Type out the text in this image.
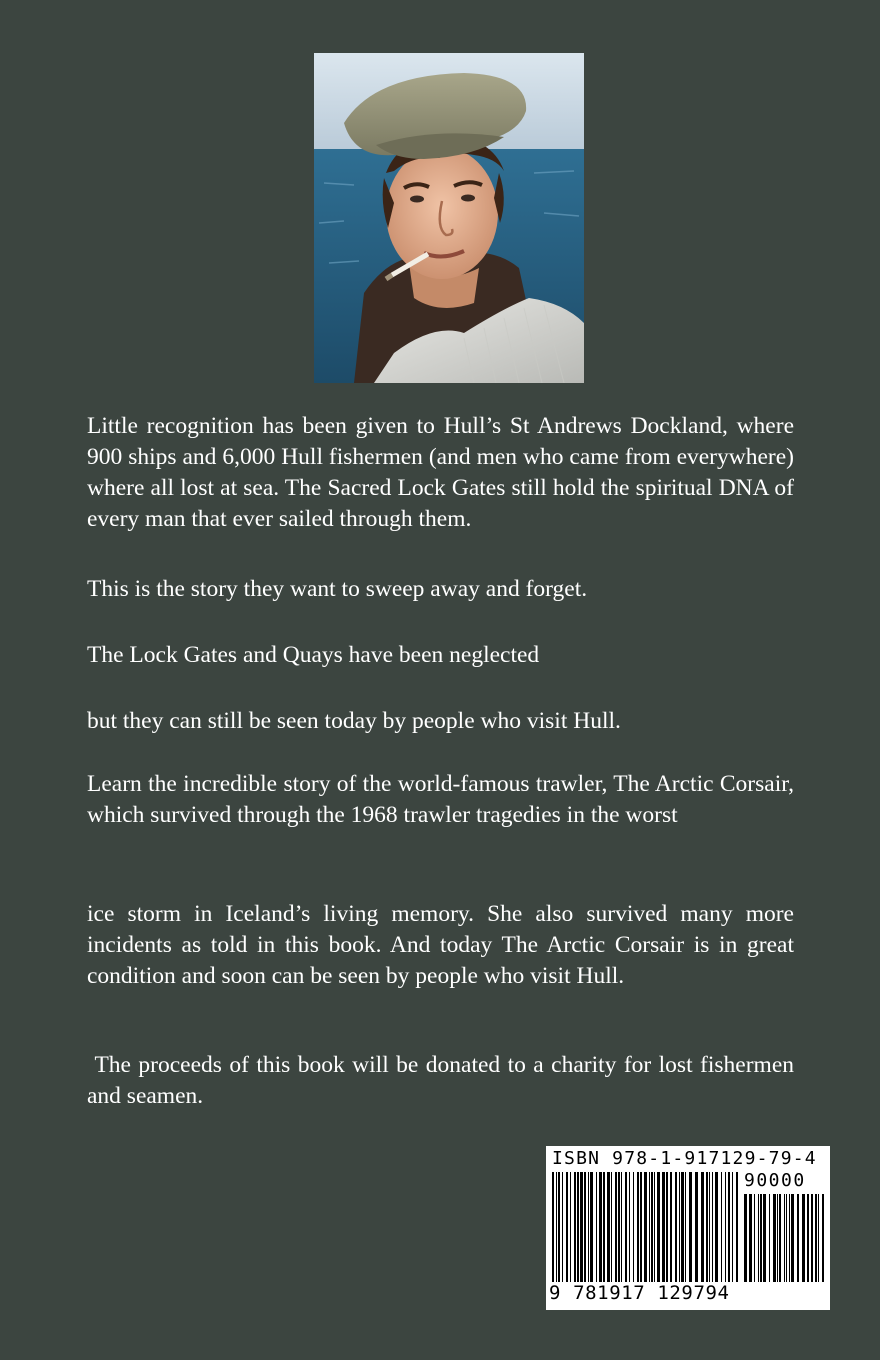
Little recognition has been given to Hull’s St Andrews Dockland, where 900 ships and 6,000 Hull fishermen (and men who came from everywhere) where all lost at sea. The Sacred Lock Gates still hold the spiritual DNA of every man that ever sailed through them.

This is the story they want to sweep away and forget.

The Lock Gates and Quays have been neglected

but they can still be seen today by people who visit Hull.

Learn the incredible story of the world-famous trawler, The Arctic Corsair, which survived through the 1968 trawler tragedies in the worst

ice storm in Iceland’s living memory. She also survived many more incidents as told in this book. And today The Arctic Corsair is in great condition and soon can be seen by people who visit Hull.

The proceeds of this book will be donated to a charity for lost fishermen and seamen.

ISBN 978-1-917129-79-4
90000
9 781917 129794
